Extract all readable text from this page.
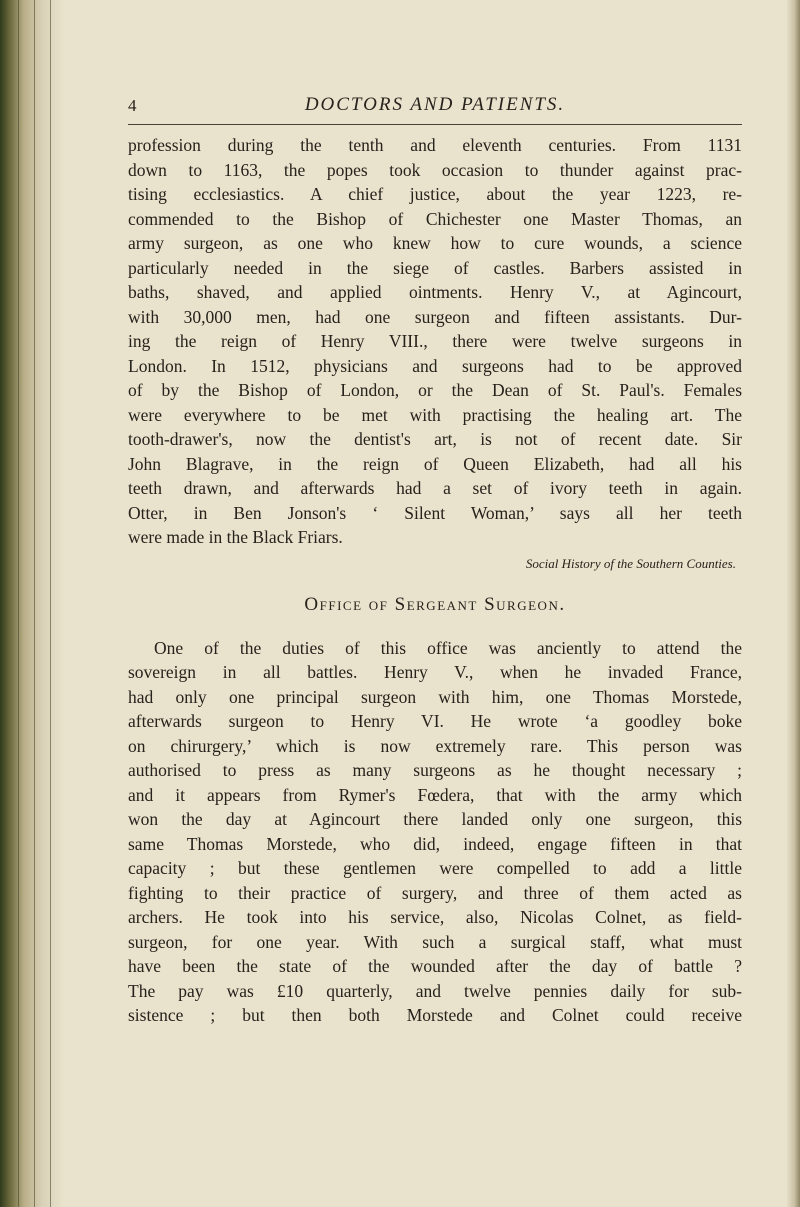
4	DOCTORS AND PATIENTS.
profession during the tenth and eleventh centuries. From 1131
down to 1163, the popes took occasion to thunder against prac-
tising ecclesiastics. A chief justice, about the year 1223, re-
commended to the Bishop of Chichester one Master Thomas, an
army surgeon, as one who knew how to cure wounds, a science
particularly needed in the siege of castles. Barbers assisted in
baths, shaved, and applied ointments. Henry V., at Agincourt,
with 30,000 men, had one surgeon and fifteen assistants. Dur-
ing the reign of Henry VIII., there were twelve surgeons in
London. In 1512, physicians and surgeons had to be approved
of by the Bishop of London, or the Dean of St. Paul's. Females
were everywhere to be met with practising the healing art. The
tooth-drawer's, now the dentist's art, is not of recent date. Sir
John Blagrave, in the reign of Queen Elizabeth, had all his
teeth drawn, and afterwards had a set of ivory teeth in again.
Otter, in Ben Jonson's ‘ Silent Woman,’ says all her teeth
were made in the Black Friars.
Social History of the Southern Counties.
Office of Sergeant Surgeon.
One of the duties of this office was anciently to attend the
sovereign in all battles. Henry V., when he invaded France,
had only one principal surgeon with him, one Thomas Morstede,
afterwards surgeon to Henry VI. He wrote ‘a goodley boke
on chirurgery,’ which is now extremely rare. This person was
authorised to press as many surgeons as he thought necessary ;
and it appears from Rymer's Fœdera, that with the army which
won the day at Agincourt there landed only one surgeon, this
same Thomas Morstede, who did, indeed, engage fifteen in that
capacity ; but these gentlemen were compelled to add a little
fighting to their practice of surgery, and three of them acted as
archers. He took into his service, also, Nicolas Colnet, as field-
surgeon, for one year. With such a surgical staff, what must
have been the state of the wounded after the day of battle ?
The pay was £10 quarterly, and twelve pennies daily for sub-
sistence ; but then both Morstede and Colnet could receive
